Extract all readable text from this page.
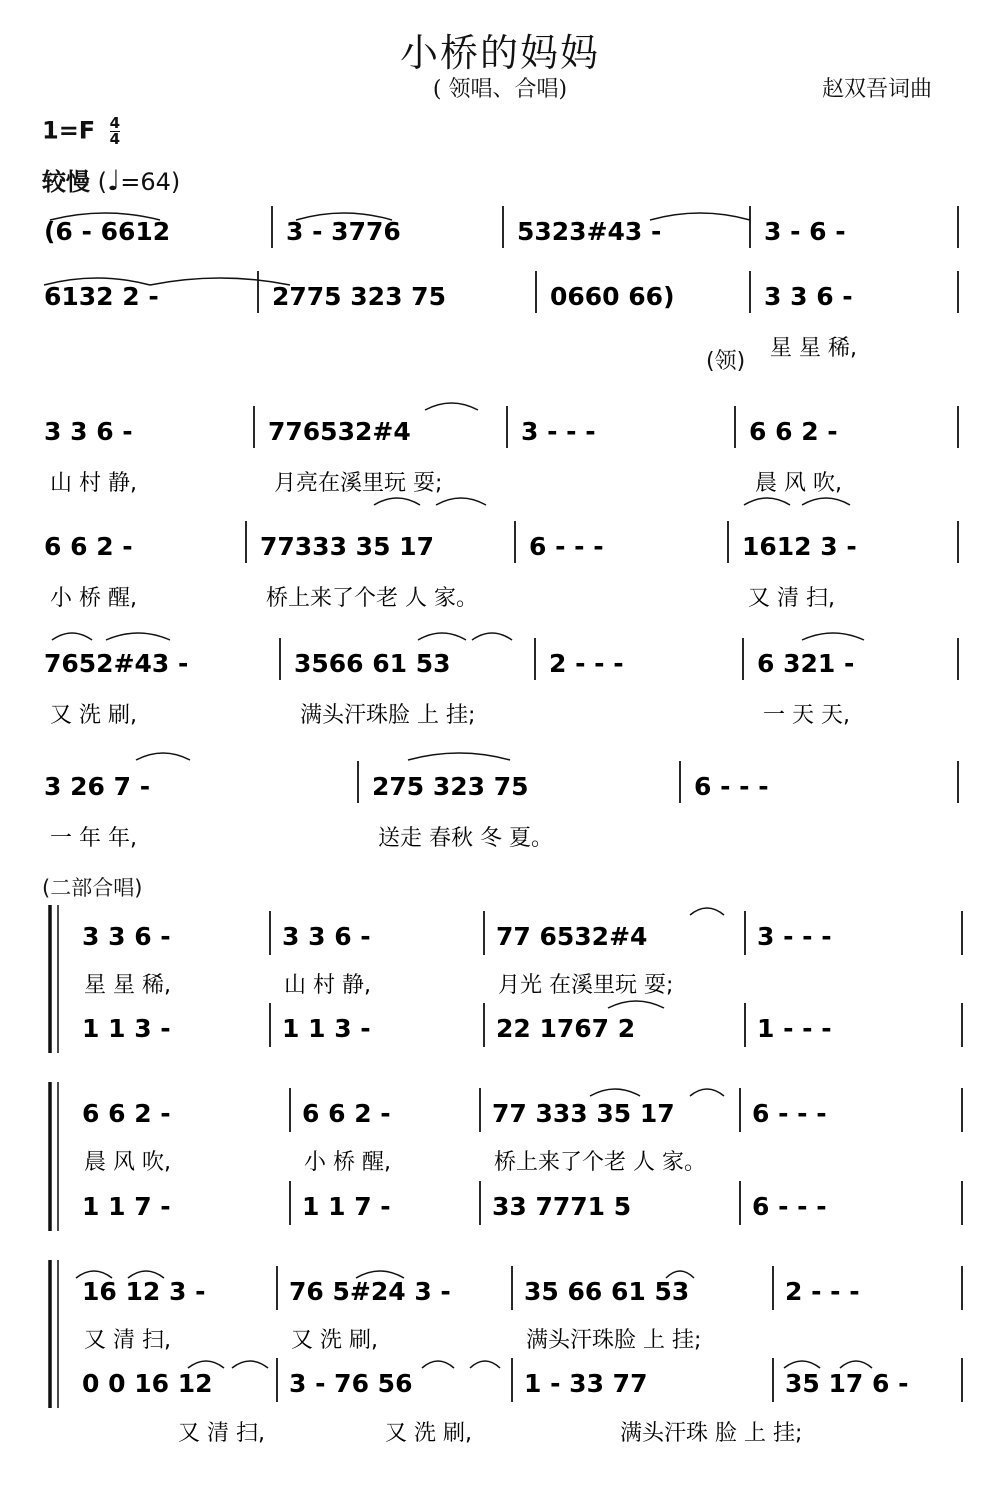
小桥的妈妈
( 领唱、合唱)	赵双吾词曲
$1=F \frac{4}{4}$
较慢 (♩=64)
(领)
(二部合唱)
(6 - 6612	3 - 3776	5323#43 -	3 - 6 -
6132 2 -	2775 323 75	0660 66)	3 3 6 -
星 星 稀,
3 3 6 -
山 村 静,
776532#4
月亮在溪里玩 耍;
3 - - -	6 6 2 -
晨 风 吹,
6 6 2 -
小 桥 醒,
77333 35 17
桥上来了个老 人 家。
6 - - -	1612 3 -
又 清 扫,
7652#43 -
又 洗 刷,
3566 61 53
满头汗珠脸 上 挂;
2 - - -	6 321 -
一 天 天,
3 26 7 -
一 年 年,
275 323 75
送走 春秋 冬 夏。
6 - - -
3 3 6 -
星 星 稀,
3 3 6 -
山 村 静,
77 6532#4
月光 在溪里玩 耍;
3 - - -
1 1 3 -	1 1 3 -	22 1767 2	1 - - -
6 6 2 -
晨 风 吹,
6 6 2 -
小 桥 醒,
77 333 35 17
桥上来了个老 人 家。
6 - - -
1 1 7 -	1 1 7 -	33 7771 5	6 - - -
16 12 3 -
又 清 扫,
76 5#24 3 -
又 洗 刷,
35 66 61 53
满头汗珠脸 上 挂;
2 - - -
0 0 16 12
又 清 扫,
3 - 76 56
又 洗 刷,
1 - 33 77
满头汗珠 脸 上 挂;
35 17 6 -
